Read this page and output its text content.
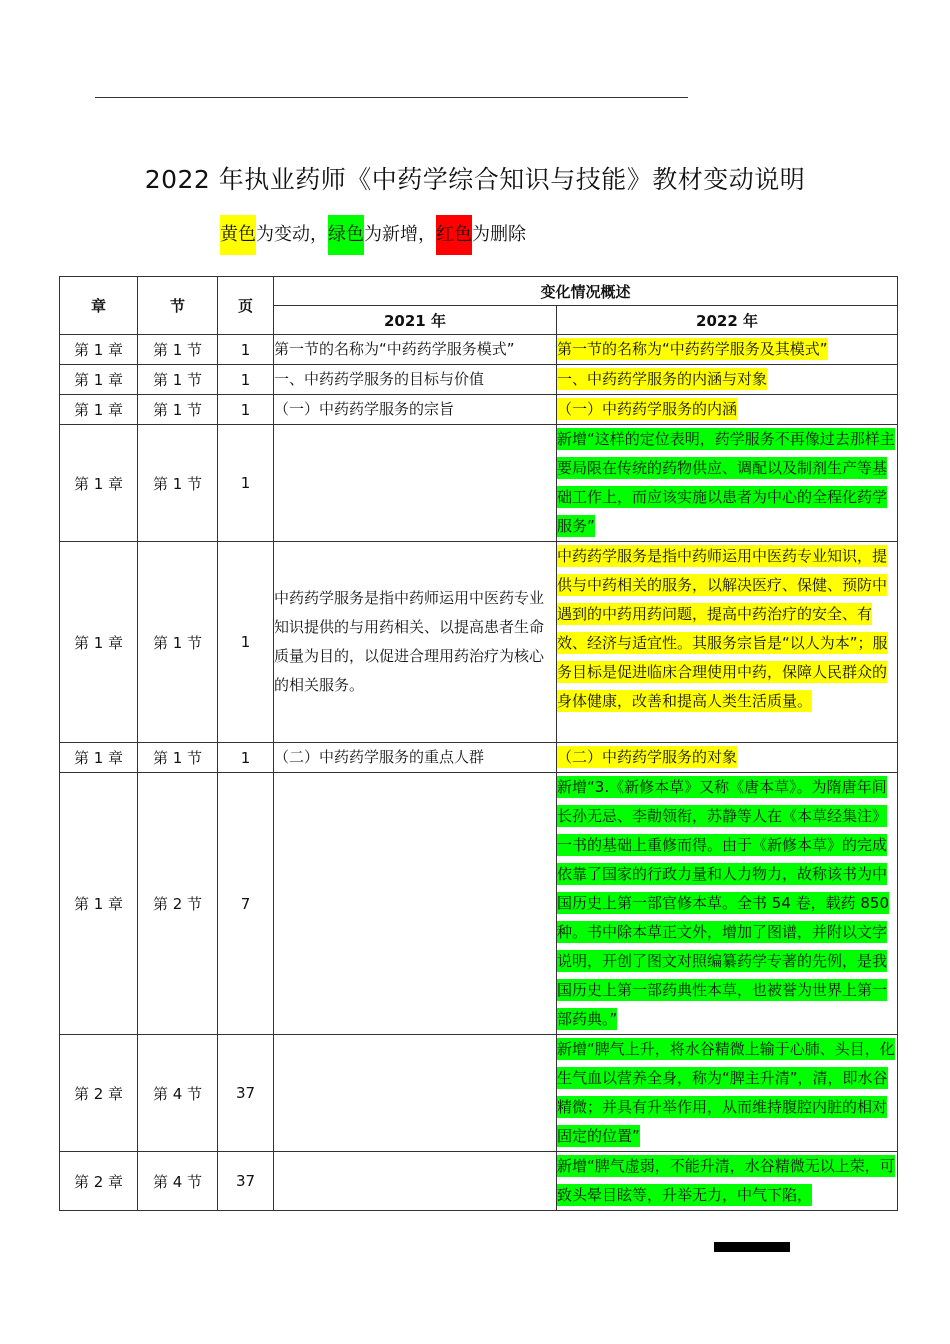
2022 年执业药师《中药学综合知识与技能》教材变动说明
黄色为变动，绿色为新增，红色为删除
章	节	页	变化情况概述	
			2021 年	2022 年
第 1 章	第 1 节	1	第一节的名称为“中药药学服务模式”	第一节的名称为“中药药学服务及其模式”
第 1 章	第 1 节	1	一、中药药学服务的目标与价值	一、中药药学服务的内涵与对象
第 1 章	第 1 节	1	（一）中药药学服务的宗旨	（一）中药药学服务的内涵
第 1 章	第 1 节	1		新增“这样的定位表明，药学服务不再像过去那样主要局限在传统的药物供应、调配以及制剂生产等基础工作上，而应该实施以患者为中心的全程化药学服务”
第 1 章	第 1 节	1	中药药学服务是指中药师运用中医药专业知识提供的与用药相关、以提高患者生命质量为目的，以促进合理用药治疗为核心的相关服务。	中药药学服务是指中药师运用中医药专业知识，提供与中药相关的服务，以解决医疗、保健、预防中遇到的中药用药问题，提高中药治疗的安全、有效、经济与适宜性。其服务宗旨是“以人为本”；服务目标是促进临床合理使用中药，保障人民群众的身体健康，改善和提高人类生活质量。
第 1 章	第 1 节	1	（二）中药药学服务的重点人群	（二）中药药学服务的对象
第 1 章	第 2 节	7		新增“3.《新修本草》又称《唐本草》。为隋唐年间长孙无忌、李勣领衔，苏静等人在《本草经集注》一书的基础上重修而得。由于《新修本草》的完成依靠了国家的行政力量和人力物力，故称该书为中国历史上第一部官修本草。全书 54 卷，载药 850 种。书中除本草正文外，增加了图谱，并附以文字说明，开创了图文对照编纂药学专著的先例，是我国历史上第一部药典性本草，也被誉为世界上第一部药典。”
第 2 章	第 4 节	37		新增“脾气上升，将水谷精微上输于心肺、头目，化生气血以营养全身，称为“脾主升清”，清，即水谷精微；并具有升举作用，从而维持腹腔内脏的相对固定的位置”
第 2 章	第 4 节	37		新增“脾气虚弱，不能升清，水谷精微无以上荣，可致头晕目眩等，升举无力，中气下陷，
